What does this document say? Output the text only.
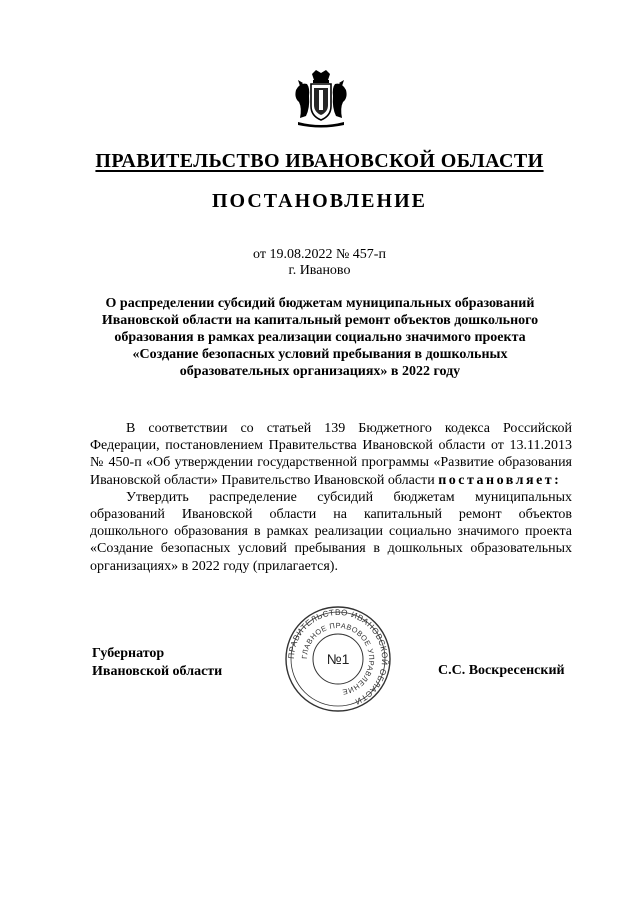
ПРАВИТЕЛЬСТВО ИВАНОВСКОЙ ОБЛАСТИ
ПОСТАНОВЛЕНИЕ
от 19.08.2022 № 457-п
г. Иваново
О распределении субсидий бюджетам муниципальных образований Ивановской области на капитальный ремонт объектов дошкольного образования в рамках реализации социально значимого проекта «Создание безопасных условий пребывания в дошкольных образовательных организациях» в 2022 году

В соответствии со статьей 139 Бюджетного кодекса Российской Федерации, постановлением Правительства Ивановской области от 13.11.2013 № 450-п «Об утверждении государственной программы «Развитие образования Ивановской области» Правительство Ивановской области постановляет:

Утвердить распределение субсидий бюджетам муниципальных образований Ивановской области на капитальный ремонт объектов дошкольного образования в рамках реализации социально значимого проекта «Создание безопасных условий пребывания в дошкольных образовательных организациях» в 2022 году (прилагается).

Губернатор
Ивановской области
ПРАВИТЕЛЬСТВО ИВАНОВСКОЙ ОБЛАСТИ
ГЛАВНОЕ ПРАВОВОЕ УПРАВЛЕНИЕ
№1
С.С. Воскресенский
